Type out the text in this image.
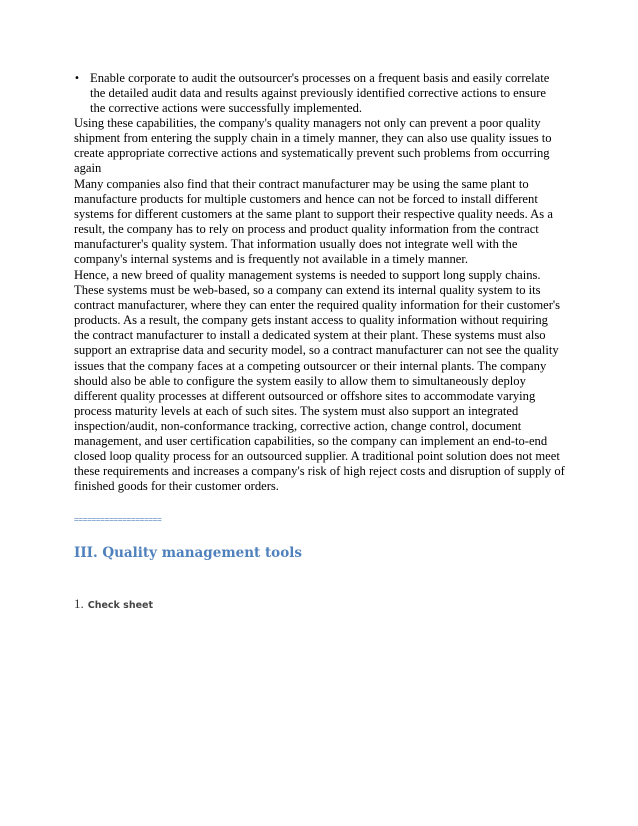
• Enable corporate to audit the outsourcer's processes on a frequent basis and easily correlate
the detailed audit data and results against previously identified corrective actions to ensure
the corrective actions were successfully implemented.
Using these capabilities, the company's quality managers not only can prevent a poor quality
shipment from entering the supply chain in a timely manner, they can also use quality issues to
create appropriate corrective actions and systematically prevent such problems from occurring
again
Many companies also find that their contract manufacturer may be using the same plant to
manufacture products for multiple customers and hence can not be forced to install different
systems for different customers at the same plant to support their respective quality needs. As a
result, the company has to rely on process and product quality information from the contract
manufacturer's quality system. That information usually does not integrate well with the
company's internal systems and is frequently not available in a timely manner.
Hence, a new breed of quality management systems is needed to support long supply chains.
These systems must be web-based, so a company can extend its internal quality system to its
contract manufacturer, where they can enter the required quality information for their customer's
products. As a result, the company gets instant access to quality information without requiring
the contract manufacturer to install a dedicated system at their plant. These systems must also
support an extraprise data and security model, so a contract manufacturer can not see the quality
issues that the company faces at a competing outsourcer or their internal plants. The company
should also be able to configure the system easily to allow them to simultaneously deploy
different quality processes at different outsourced or offshore sites to accommodate varying
process maturity levels at each of such sites. The system must also support an integrated
inspection/audit, non-conformance tracking, corrective action, change control, document
management, and user certification capabilities, so the company can implement an end-to-end
closed loop quality process for an outsourced supplier. A traditional point solution does not meet
these requirements and increases a company's risk of high reject costs and disruption of supply of
finished goods for their customer orders.
====================
III. Quality management tools
1. Check sheet
